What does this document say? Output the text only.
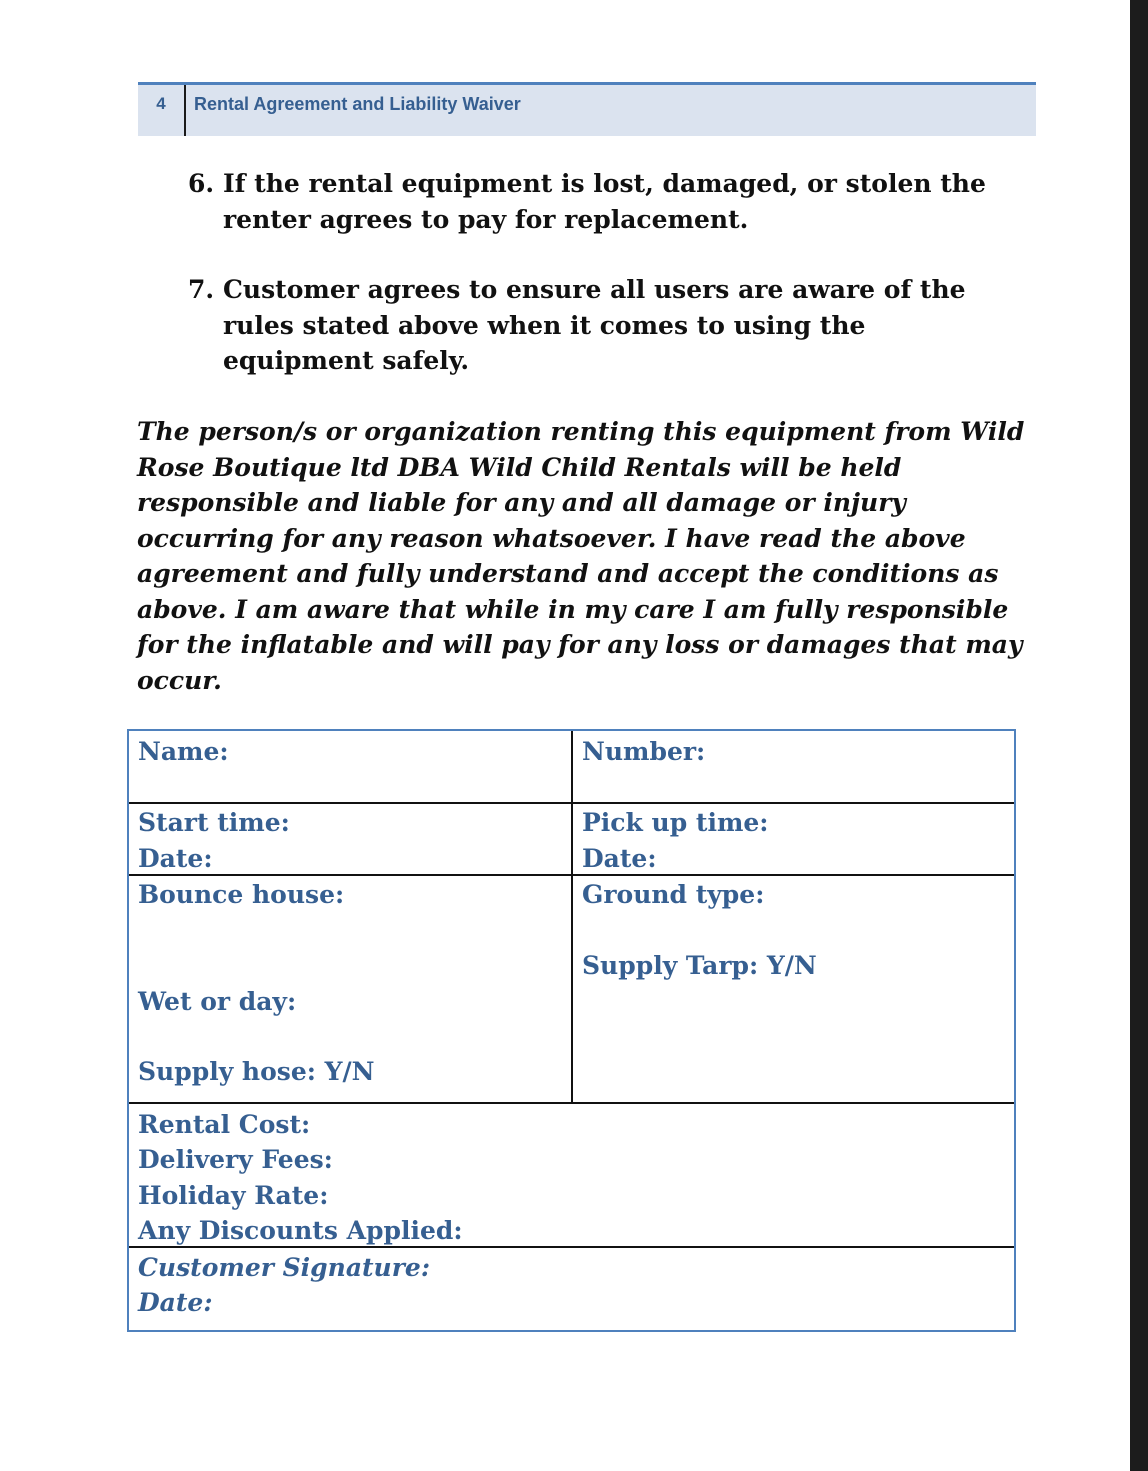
4	Rental Agreement and Liability Waiver
6. If the rental equipment is lost, damaged, or stolen the
renter agrees to pay for replacement.
7. Customer agrees to ensure all users are aware of the
rules stated above when it comes to using the
equipment safely.
The person/s or organization renting this equipment from Wild
Rose Boutique ltd DBA Wild Child Rentals will be held
responsible and liable for any and all damage or injury
occurring for any reason whatsoever. I have read the above
agreement and fully understand and accept the conditions as
above. I am aware that while in my care I am fully responsible
for the inflatable and will pay for any loss or damages that may
occur.
Name:	Number:
Start time:
Date:
Pick up time:
Date:
Bounce house:
Wet or day:
Supply hose: Y/N
Ground type:
Supply Tarp: Y/N
Rental Cost:
Delivery Fees:
Holiday Rate:
Any Discounts Applied:
Customer Signature:
Date:
